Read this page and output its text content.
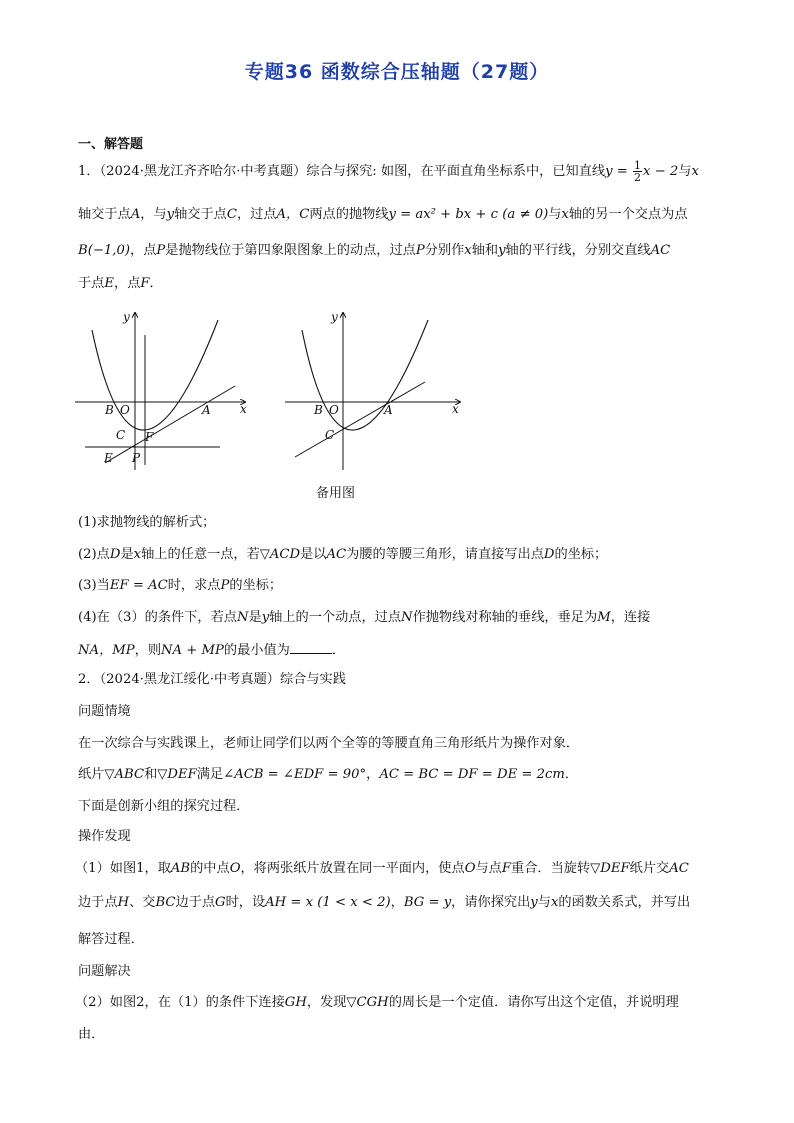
专题36 函数综合压轴题（27题）
一、解答题
1．（2024·黑龙江齐齐哈尔·中考真题）综合与探究: 如图，在平面直角坐标系中，已知直线$y = \frac{1}{2}$ x − 2与x
轴交于点A，与y轴交于点C，过点A，C两点的抛物线y = ax² + bx + c (a ≠ 0)与x轴的另一个交点为点
B(−1,0)，点P是抛物线位于第四象限图象上的动点，过点P分别作x轴和y轴的平行线，分别交直线AC
于点E，点F．
y
x
B O	A
C F
E P
y
x
B O	A
C
备用图
(1)求抛物线的解析式；
(2)点D是x轴上的任意一点，若▽ACD是以AC为腰的等腰三角形，请直接写出点D的坐标；
(3)当EF = AC时，求点P的坐标；
(4)在（3）的条件下，若点N是y轴上的一个动点，过点N作抛物线对称轴的垂线，垂足为M，连接
NA，MP，则NA + MP的最小值为	．
2．（2024·黑龙江绥化·中考真题）综合与实践
问题情境
在一次综合与实践课上，老师让同学们以两个全等的等腰直角三角形纸片为操作对象．
纸片▽ABC和▽DEF满足∠ACB = ∠EDF = 90°，AC = BC = DF = DE = 2cm．
下面是创新小组的探究过程．
操作发现
（1）如图1，取AB的中点O，将两张纸片放置在同一平面内，使点O与点F重合．当旋转▽DEF纸片交AC
边于点H、交BC边于点G时，设AH = x (1 < x < 2)，BG = y，请你探究出y与x的函数关系式，并写出
解答过程．
问题解决
（2）如图2，在（1）的条件下连接GH，发现▽CGH的周长是一个定值．请你写出这个定值，并说明理
由．
